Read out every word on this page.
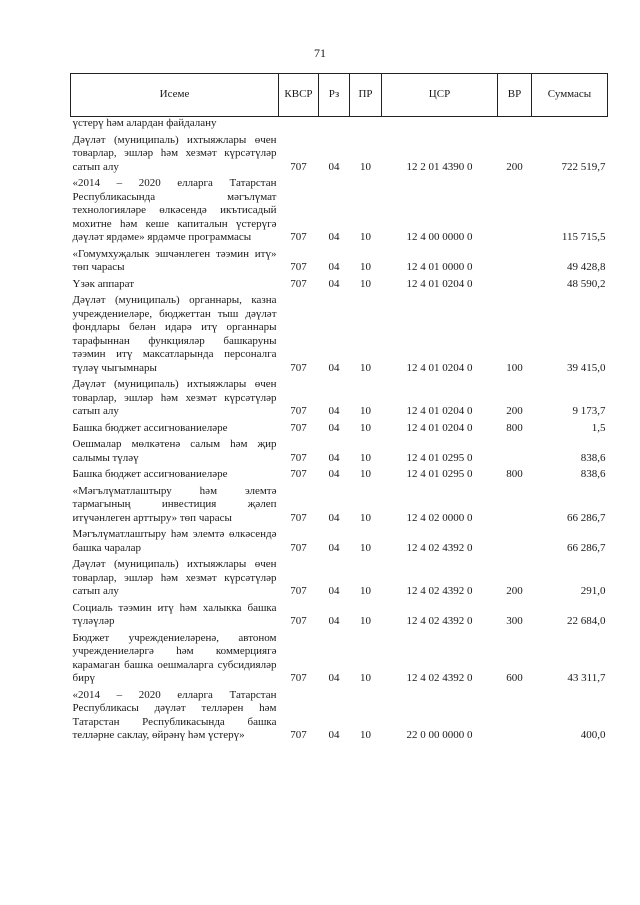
71
Исеме	КВСР	Рз	ПР	ЦСР	ВР	Суммасы
үстерү һәм алардан файдалану						
Дәүләт (муниципаль) ихтыяжлары өчен товарлар, эшләр һәм хезмәт күрсәтүләр сатып алу	707	04	10	12 2 01 4390 0	200	722 519,7
«2014 – 2020 елларга Татарстан Республикасында мәгълүмат технологияләре өлкәсендә икътисадый мохитне һәм кеше капиталын үстерүгә дәүләт ярдәме» ярдәмче программасы	707	04	10	12 4 00 0000 0		115 715,5
«Гомумхуҗалык эшчәнлеген тәэмин итү» төп чарасы	707	04	10	12 4 01 0000 0		49 428,8
Үзәк аппарат	707	04	10	12 4 01 0204 0		48 590,2
Дәүләт (муниципаль) органнары, казна учреждениеләре, бюджеттан тыш дәүләт фондлары белән идарә итү органнары тарафыннан функцияләр башкаруны тәэмин итү максатларында персоналга түләү чыгымнары	707	04	10	12 4 01 0204 0	100	39 415,0
Дәүләт (муниципаль) ихтыяжлары өчен товарлар, эшләр һәм хезмәт күрсәтүләр сатып алу	707	04	10	12 4 01 0204 0	200	9 173,7
Башка бюджет ассигнованиеләре	707	04	10	12 4 01 0204 0	800	1,5
Оешмалар мөлкәтенә салым һәм җир салымы түләү	707	04	10	12 4 01 0295 0		838,6
Башка бюджет ассигнованиеләре	707	04	10	12 4 01 0295 0	800	838,6
«Мәгълүматлаштыру һәм элемтә тармагының инвестиция җәлеп итүчәнлеген арттыру» төп чарасы	707	04	10	12 4 02 0000 0		66 286,7
Мәгълүматлаштыру һәм элемтә өлкәсендә башка чаралар	707	04	10	12 4 02 4392 0		66 286,7
Дәүләт (муниципаль) ихтыяжлары өчен товарлар, эшләр һәм хезмәт күрсәтүләр сатып алу	707	04	10	12 4 02 4392 0	200	291,0
Социаль тәэмин итү һәм халыкка башка түләүләр	707	04	10	12 4 02 4392 0	300	22 684,0
Бюджет учреждениеләренә, автоном учреждениеләргә һәм коммерциягә карамаган башка оешмаларга субсидияләр бирү	707	04	10	12 4 02 4392 0	600	43 311,7
«2014 – 2020 елларга Татарстан Республикасы дәүләт телләрен һәм Татарстан Республикасында башка телләрне саклау, өйрәнү һәм үстерү»	707	04	10	22 0 00 0000 0		400,0
